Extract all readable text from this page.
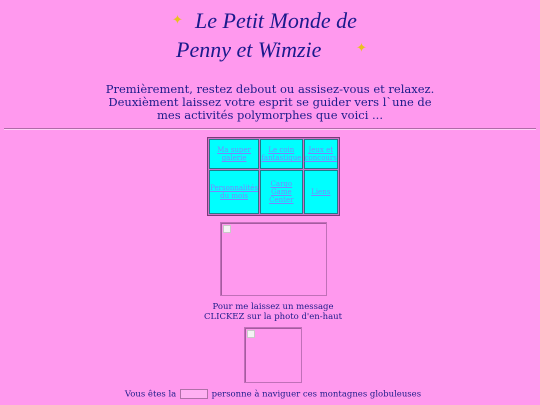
✦ Le Petit Monde de
Penny et Wimzie	✦
Premièrement, restez debout ou assisez-vous et relaxez.
Deuxièment laissez votre esprit se guider vers l`une de
mes activités polymorphes que voici ...
Ma super galerie	Le coin fantastique	Jeux et concours
Personnalités du mois	Cargo Game Center	Liens
Pour me laissez un message
CLICKEZ sur la photo d'en-haut
Vous êtes la	personne à naviguer ces montagnes globuleuses
